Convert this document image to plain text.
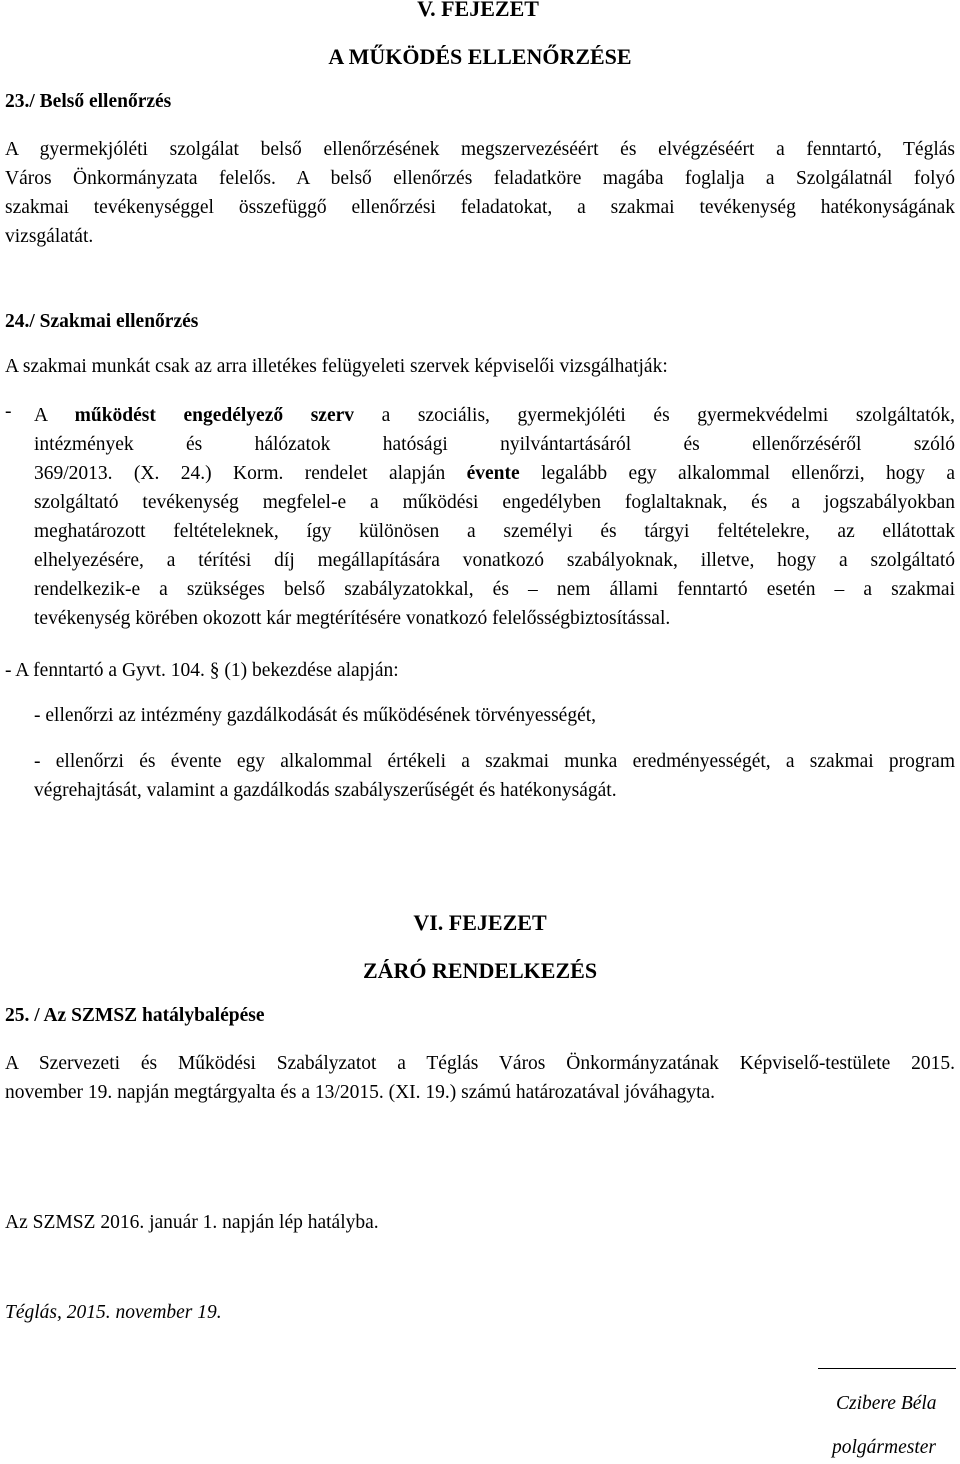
V. FEJEZET
A MŰKÖDÉS ELLENŐRZÉSE
23./ Belső ellenőrzés
A gyermekjóléti szolgálat belső ellenőrzésének megszervezéséért és elvégzéséért a fenntartó, Téglás
Város Önkormányzata felelős. A belső ellenőrzés feladatköre magába foglalja a Szolgálatnál folyó
szakmai tevékenységgel összefüggő ellenőrzési feladatokat, a szakmai tevékenység hatékonyságának
vizsgálatát.
24./ Szakmai ellenőrzés
A szakmai munkát csak az arra illetékes felügyeleti szervek képviselői vizsgálhatják:
- A működést engedélyező szerv a szociális, gyermekjóléti és gyermekvédelmi szolgáltatók,
intézmények és hálózatok hatósági nyilvántartásáról és ellenőrzéséről szóló
369/2013. (X. 24.) Korm. rendelet alapján évente legalább egy alkalommal ellenőrzi, hogy a
szolgáltató tevékenység megfelel-e a működési engedélyben foglaltaknak, és a jogszabályokban
meghatározott feltételeknek, így különösen a személyi és tárgyi feltételekre, az ellátottak
elhelyezésére, a térítési díj megállapítására vonatkozó szabályoknak, illetve, hogy a szolgáltató
rendelkezik-e a szükséges belső szabályzatokkal, és – nem állami fenntartó esetén – a szakmai
tevékenység körében okozott kár megtérítésére vonatkozó felelősségbiztosítással.
- A fenntartó a Gyvt. 104. § (1) bekezdése alapján:
- ellenőrzi az intézmény gazdálkodását és működésének törvényességét,
- ellenőrzi és évente egy alkalommal értékeli a szakmai munka eredményességét, a szakmai program
végrehajtását, valamint a gazdálkodás szabályszerűségét és hatékonyságát.
VI. FEJEZET
ZÁRÓ RENDELKEZÉS
25. / Az SZMSZ hatálybalépése
A Szervezeti és Működési Szabályzatot a Téglás Város Önkormányzatának Képviselő-testülete 2015.
november 19. napján megtárgyalta és a 13/2015. (XI. 19.) számú határozatával jóváhagyta.
Az SZMSZ 2016. január 1. napján lép hatályba.
Téglás, 2015. november 19.
Czibere Béla
polgármester
